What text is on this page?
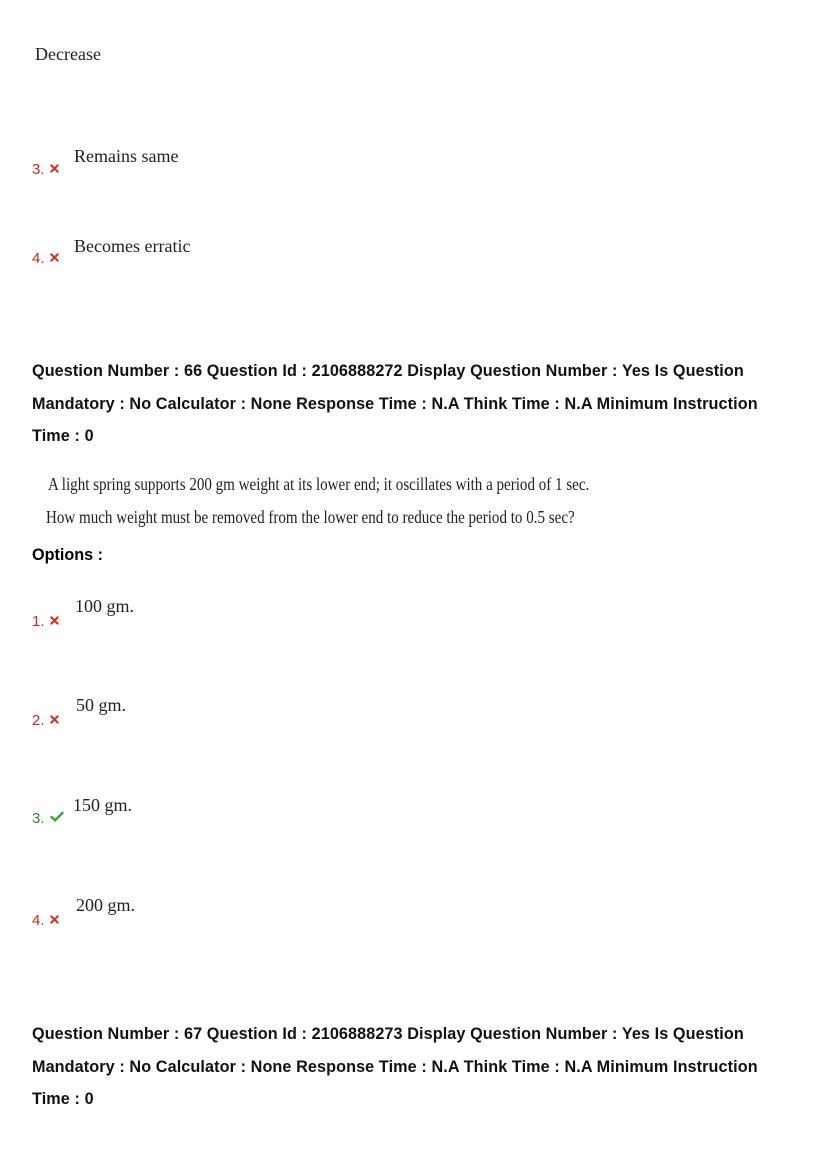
Decrease
3.
Remains same
4.
Becomes erratic
Question Number : 66 Question Id : 2106888272 Display Question Number : Yes Is Question
Mandatory : No Calculator : None Response Time : N.A Think Time : N.A Minimum Instruction
Time : 0
A light spring supports 200 gm weight at its lower end; it oscillates with a period of 1 sec.
How much weight must be removed from the lower end to reduce the period to 0.5 sec?
Options :
1.
100 gm.
2.
50 gm.
3.
150 gm.
4.
200 gm.
Question Number : 67 Question Id : 2106888273 Display Question Number : Yes Is Question
Mandatory : No Calculator : None Response Time : N.A Think Time : N.A Minimum Instruction
Time : 0
